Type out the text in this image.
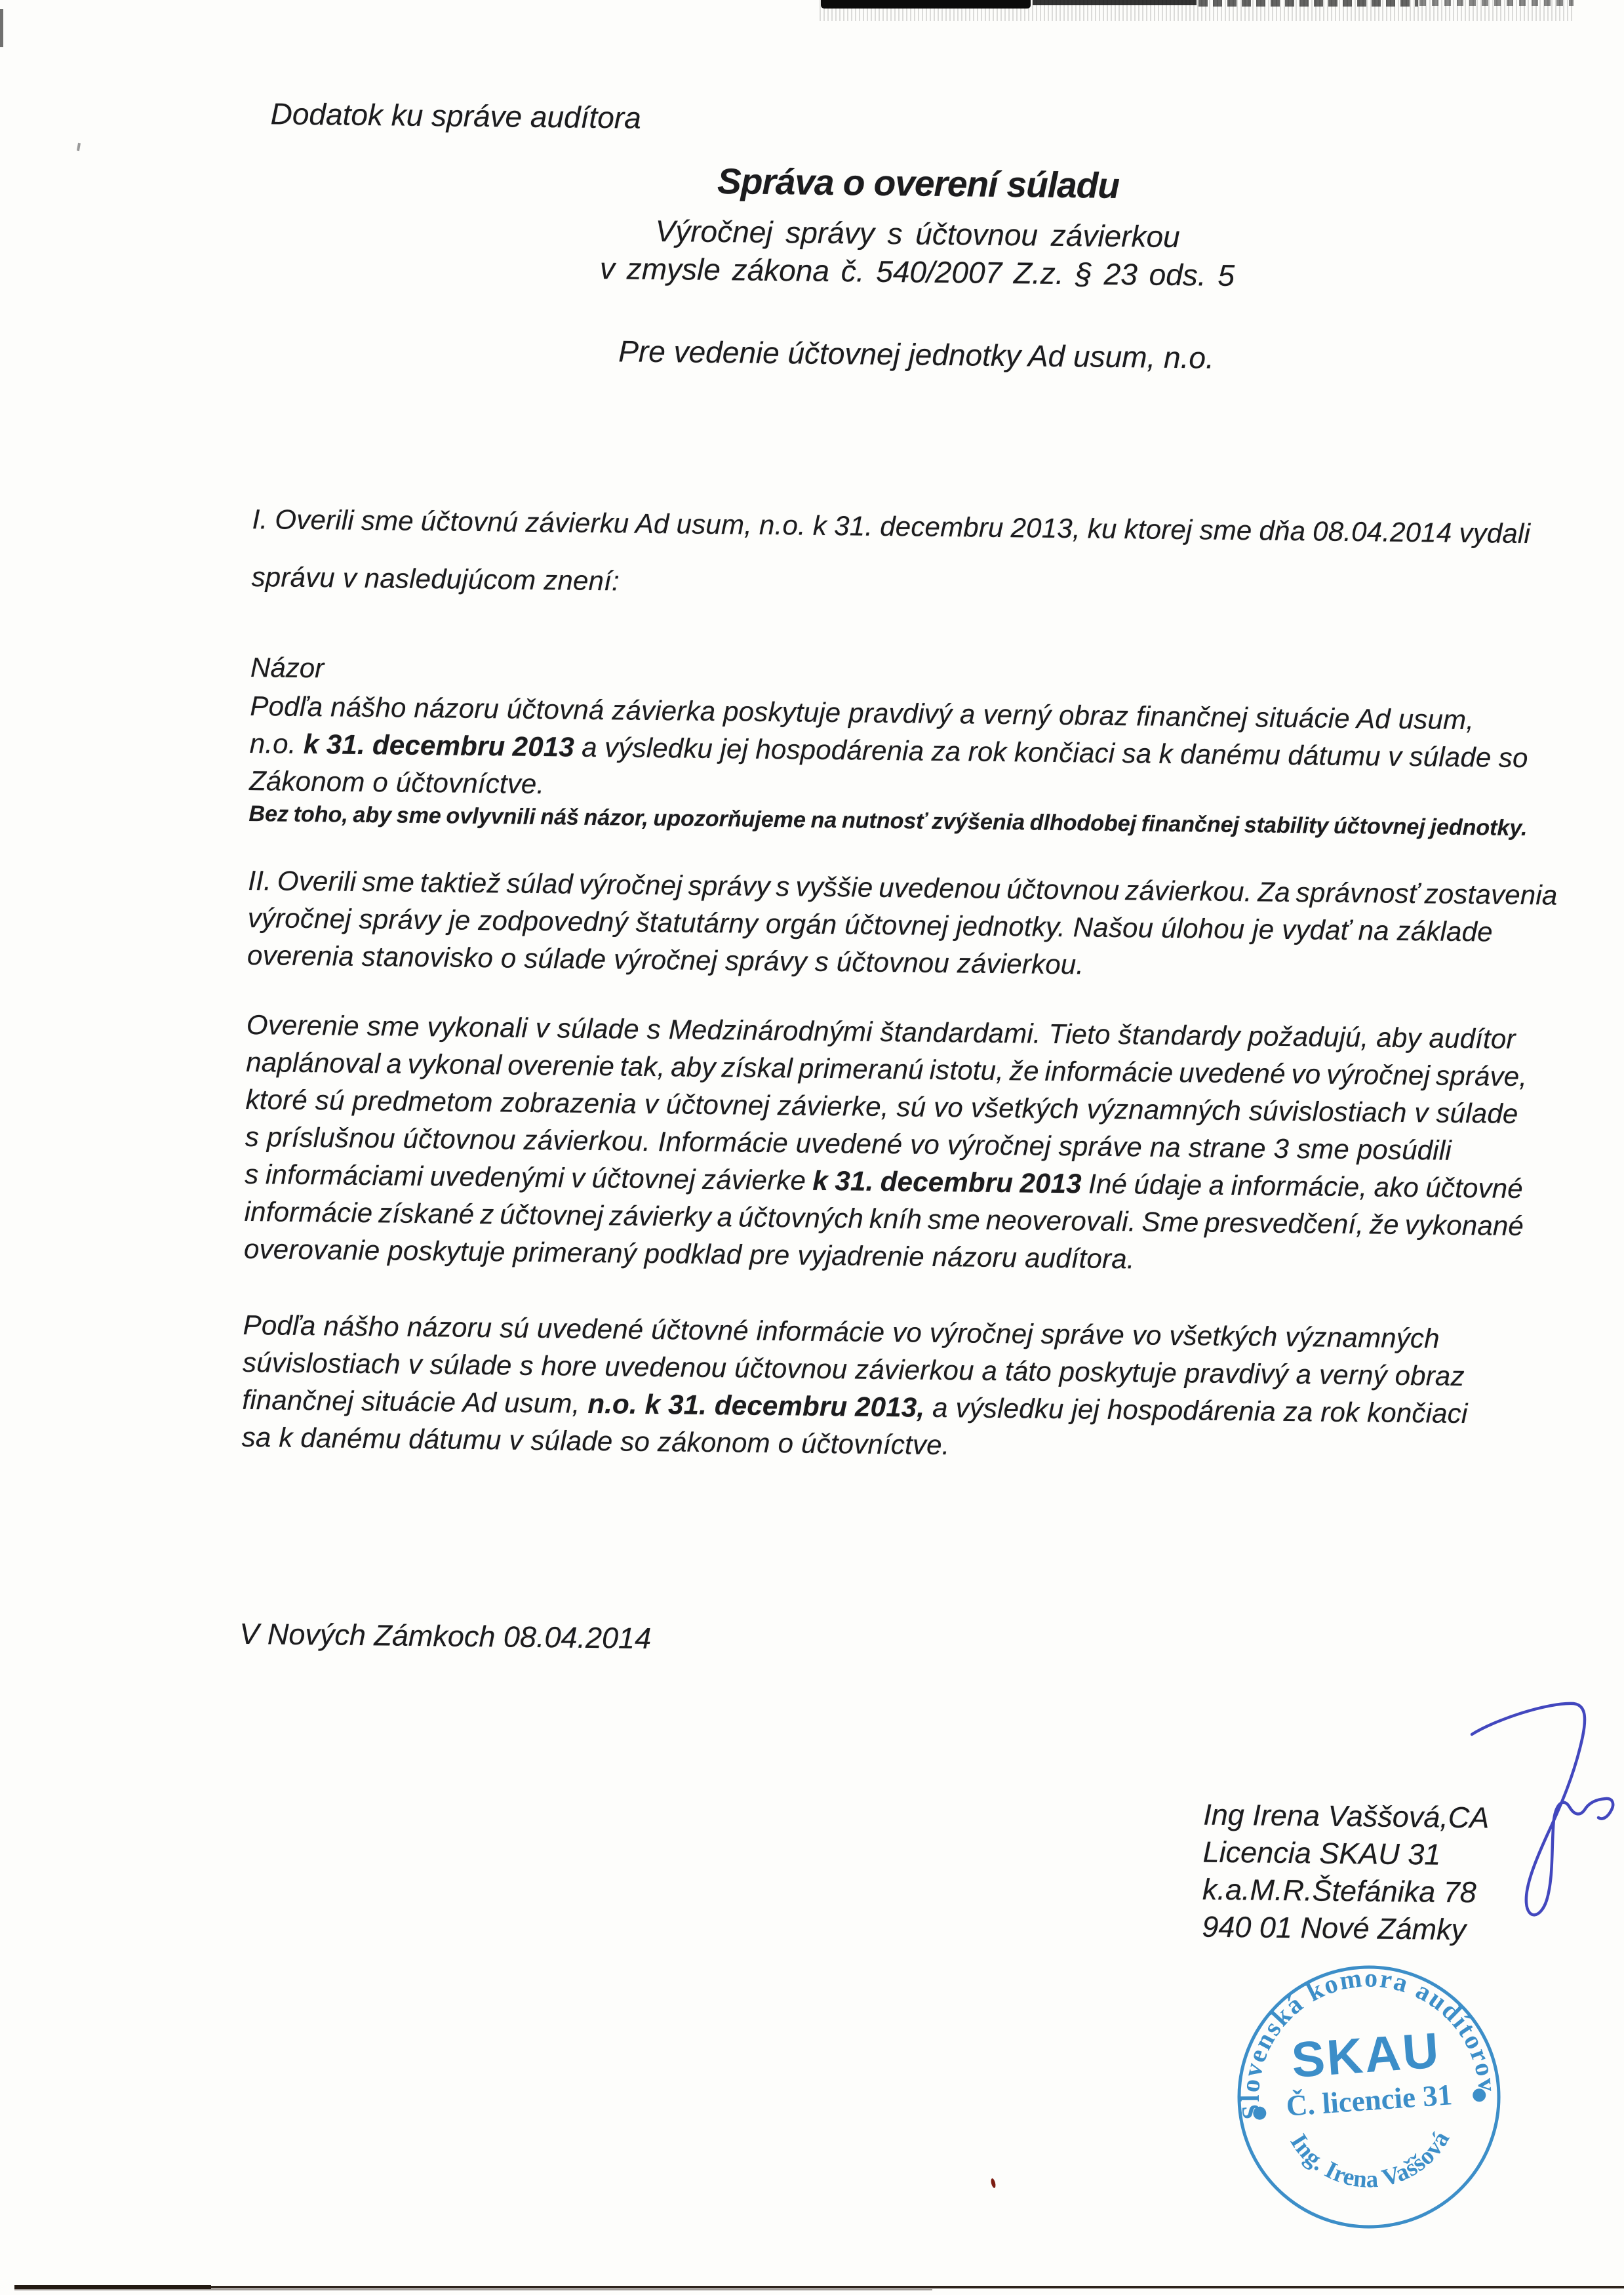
Dodatok ku správe audítora
Správa o overení súladu
Výročnej správy s účtovnou závierkou
v zmysle zákona č. 540/2007 Z.z. § 23 ods. 5
Pre vedenie účtovnej jednotky Ad usum, n.o.
I. Overili sme účtovnú závierku Ad usum, n.o. k 31. decembru 2013, ku ktorej sme dňa 08.04.2014 vydali
správu v nasledujúcom znení:
Názor
Podľa nášho názoru účtovná závierka poskytuje pravdivý a verný obraz finančnej situácie Ad usum,
n.o. k 31. decembru 2013 a výsledku jej hospodárenia za rok končiaci sa k danému dátumu v súlade so
Zákonom o účtovníctve.
Bez toho, aby sme ovlyvnili náš názor, upozorňujeme na nutnosť zvýšenia dlhodobej finančnej stability účtovnej jednotky.
II. Overili sme taktiež súlad výročnej správy s vyššie uvedenou účtovnou závierkou. Za správnosť zostavenia
výročnej správy je zodpovedný štatutárny orgán účtovnej jednotky. Našou úlohou je vydať na základe
overenia stanovisko o súlade výročnej správy s účtovnou závierkou.
Overenie sme vykonali v súlade s Medzinárodnými štandardami. Tieto štandardy požadujú, aby audítor
naplánoval a vykonal overenie tak, aby získal primeranú istotu, že informácie uvedené vo výročnej správe,
ktoré sú predmetom zobrazenia v účtovnej závierke, sú vo všetkých významných súvislostiach v súlade
s príslušnou účtovnou závierkou. Informácie uvedené vo výročnej správe na strane 3 sme posúdili
s informáciami uvedenými v účtovnej závierke k 31. decembru 2013 Iné údaje a informácie, ako účtovné
informácie získané z účtovnej závierky a účtovných kníh sme neoverovali. Sme presvedčení, že vykonané
overovanie poskytuje primeraný podklad pre vyjadrenie názoru audítora.
Podľa nášho názoru sú uvedené účtovné informácie vo výročnej správe vo všetkých významných
súvislostiach v súlade s hore uvedenou účtovnou závierkou a táto poskytuje pravdivý a verný obraz
finančnej situácie Ad usum, n.o. k 31. decembru 2013, a výsledku jej hospodárenia za rok končiaci
sa k danému dátumu v súlade so zákonom o účtovníctve.
V Nových Zámkoch 08.04.2014
Ing Irena Vaššová,CA
Licencia SKAU 31
k.a.M.R.Štefánika 78
940 01 Nové Zámky
Slovenská komora audítorov
SKAU
Č. licencie 31
Ing. Irena Vaššová
